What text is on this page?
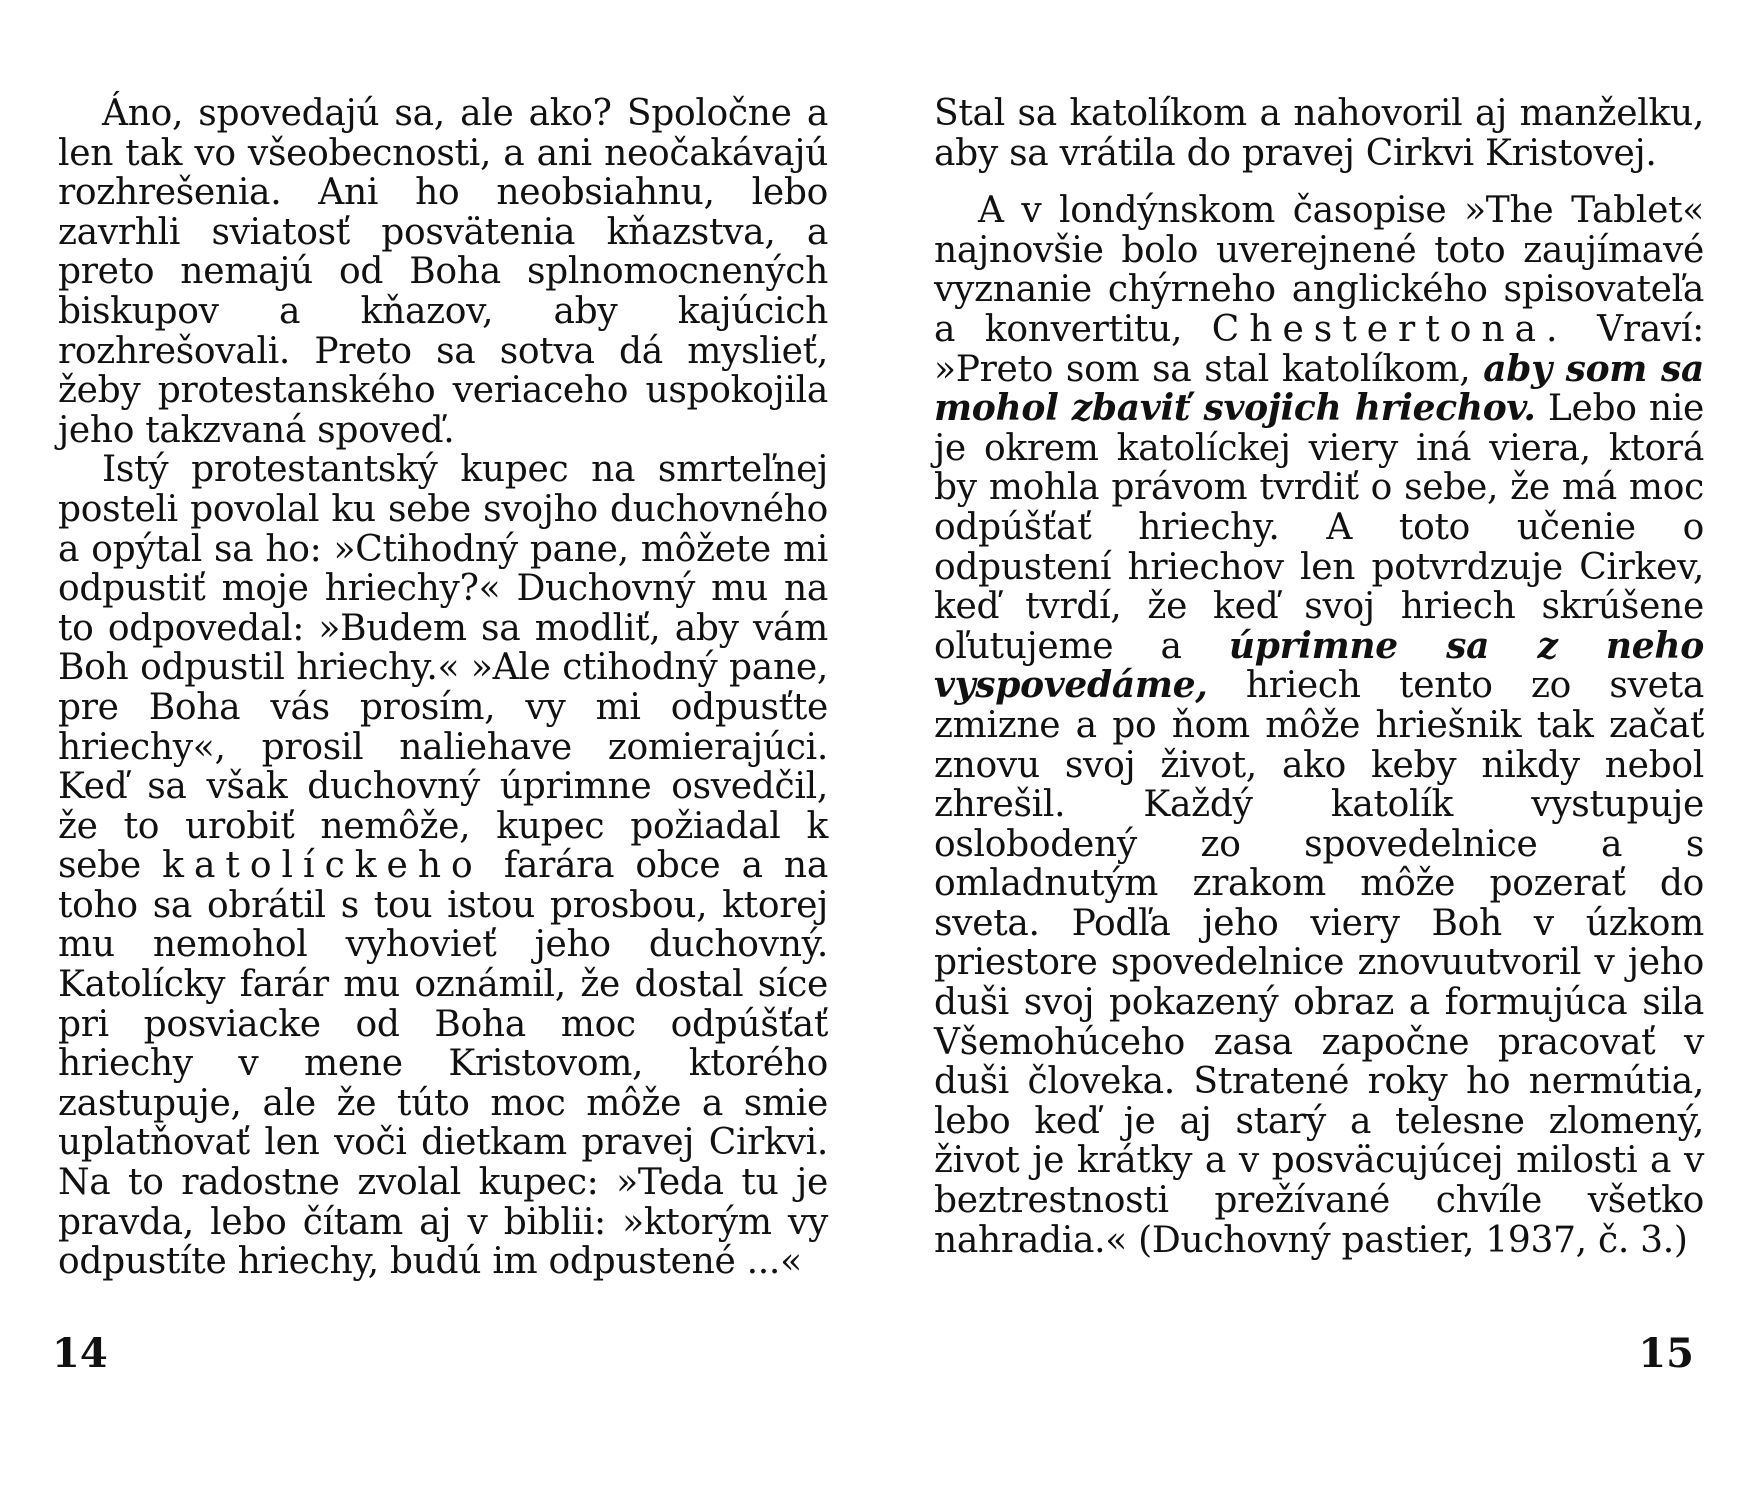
Áno, spovedajú sa, ale ako? Spoločne a len tak vo všeobecnosti, a ani neočakávajú rozhrešenia. Ani ho neobsiahnu, lebo zavrhli sviatosť posvätenia kňazstva, a preto nemajú od Boha splnomocnených biskupov a kňazov, aby kajúcich rozhrešovali. Preto sa sotva dá myslieť, žeby protestanského veriaceho uspokojila jeho takzvaná spoveď.

Istý protestantský kupec na smrteľnej posteli povolal ku sebe svojho duchovného a opýtal sa ho: »Ctihodný pane, môžete mi odpustiť moje hriechy?« Duchovný mu na to odpovedal: »Budem sa modliť, aby vám Boh odpustil hriechy.« »Ale ctihodný pane, pre Boha vás prosím, vy mi odpusťte hriechy«, prosil naliehave zomierajúci. Keď sa však duchovný úprimne osvedčil, že to urobiť nemôže, kupec požiadal k sebe katolíckeho farára obce a na toho sa obrátil s tou istou prosbou, ktorej mu nemohol vyhovieť jeho duchovný. Katolícky farár mu oznámil, že dostal síce pri posviacke od Boha moc odpúšťať hriechy v mene Kristovom, ktorého zastupuje, ale že túto moc môže a smie uplatňovať len voči dietkam pravej Cirkvi. Na to radostne zvolal kupec: »Teda tu je pravda, lebo čítam aj v biblii: »ktorým vy odpustíte hriechy, budú im odpustené ...«

14

Stal sa katolíkom a nahovoril aj manželku, aby sa vrátila do pravej Cirkvi Kristovej.

A v londýnskom časopise »The Tablet« najnovšie bolo uverejnené toto zaujímavé vyznanie chýrneho anglického spisovateľa a konvertitu, Chestertona. Vraví: »Preto som sa stal katolíkom, aby som sa mohol zbaviť svojich hriechov. Lebo nie je okrem katolíckej viery iná viera, ktorá by mohla právom tvrdiť o sebe, že má moc odpúšťať hriechy. A toto učenie o odpustení hriechov len potvrdzuje Cirkev, keď tvrdí, že keď svoj hriech skrúšene oľutujeme a úprimne sa z neho vyspovedáme, hriech tento zo sveta zmizne a po ňom môže hriešnik tak začať znovu svoj život, ako keby nikdy nebol zhrešil. Každý katolík vystupuje oslobodený zo spovedelnice a s omladnutým zrakom môže pozerať do sveta. Podľa jeho viery Boh v úzkom priestore spovedelnice znovuutvoril v jeho duši svoj pokazený obraz a formujúca sila Všemohúceho zasa započne pracovať v duši človeka. Stratené roky ho nermútia, lebo keď je aj starý a telesne zlomený, život je krátky a v posväcujúcej milosti a v beztrestnosti prežívané chvíle všetko nahradia.« (Duchovný pastier, 1937, č. 3.)

15
